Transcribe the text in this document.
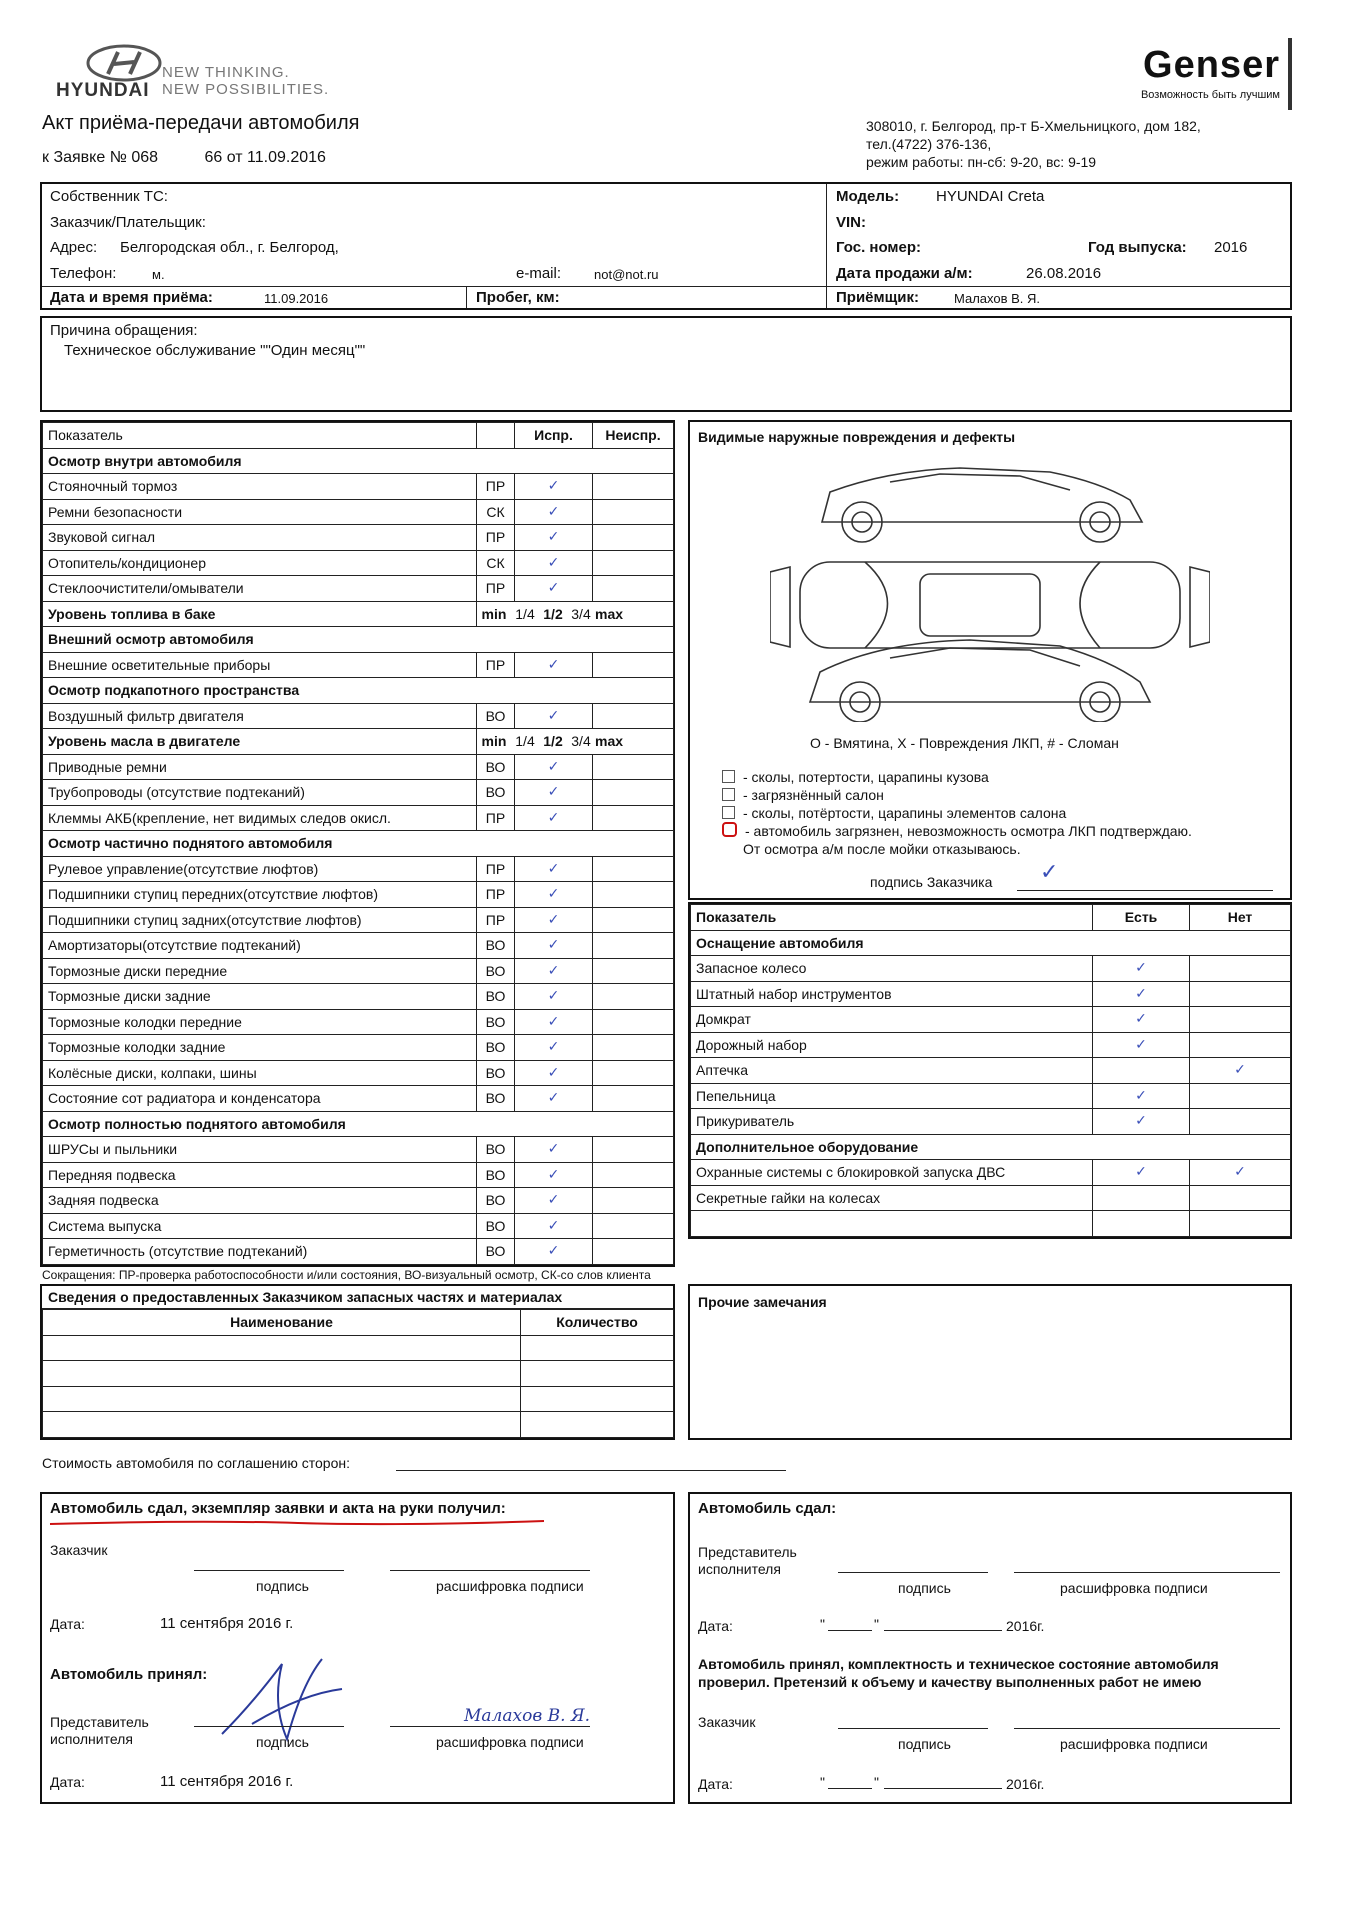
HYUNDAI
NEW THINKING.
NEW POSSIBILITIES.
Genser
Возможность быть лучшим
Акт приёма-передачи автомобиля
к Заявке № 068	66 от 11.09.2016
308010, г. Белгород, пр-т Б-Хмельницкого, дом 182,
тел.(4722) 376-136,
режим работы: пн-сб: 9-20, вс: 9-19
Собственник ТС:
Заказчик/Плательщик:
Адрес: Белгородская обл., г. Белгород,
Телефон:	м.	e-mail:	not@not.ru
Дата и время приёма:	11.09.2016	Пробег, км:
Модель: HYUNDAI Creta
VIN:
Гос. номер:	Год выпуска: 2016
Дата продажи а/м:	26.08.2016
Приёмщик:	Малахов В. Я.
Причина обращения:
Техническое обслуживание ""Один месяц""
Показатель		Испр.	Неиспр.
Осмотр внутри автомобиля			
Стояночный тормоз	ПР	✓	
Ремни безопасности	СК	✓	
Звуковой сигнал	ПР	✓	
Отопитель/кондиционер	СК	✓	
Стеклоочистители/омыватели	ПР	✓	
Уровень топлива в баке	min 1/4 1/2 3/4 max		
Внешний осмотр автомобиля			
Внешние осветительные приборы	ПР	✓	
Осмотр подкапотного пространства			
Воздушный фильтр двигателя	ВО	✓	
Уровень масла в двигателе	min 1/4 1/2 3/4 max		
Приводные ремни	ВО	✓	
Трубопроводы (отсутствие подтеканий)	ВО	✓	
Клеммы АКБ(крепление, нет видимых следов окисл.	ПР	✓	
Осмотр частично поднятого автомобиля			
Рулевое управление(отсутствие люфтов)	ПР	✓	
Подшипники ступиц передних(отсутствие люфтов)	ПР	✓	
Подшипники ступиц задних(отсутствие люфтов)	ПР	✓	
Амортизаторы(отсутствие подтеканий)	ВО	✓	
Тормозные диски передние	ВО	✓	
Тормозные диски задние	ВО	✓	
Тормозные колодки передние	ВО	✓	
Тормозные колодки задние	ВО	✓	
Колёсные диски, колпаки, шины	ВО	✓	
Состояние сот радиатора и конденсатора	ВО	✓	
Осмотр полностью поднятого автомобиля			
ШРУСы и пыльники	ВО	✓	
Передняя подвеска	ВО	✓	
Задняя подвеска	ВО	✓	
Система выпуска	ВО	✓	
Герметичность (отсутствие подтеканий)	ВО	✓	
Сокращения: ПР-проверка работоспособности и/или состояния, ВО-визуальный осмотр, СК-со слов клиента
Видимые наружные повреждения и дефекты
О - Вмятина, Х - Повреждения ЛКП, # - Сломан
- сколы, потертости, царапины кузова
- загрязнённый салон
- сколы, потёртости, царапины элементов салона
- автомобиль загрязнен, невозможность осмотра ЛКП подтверждаю.
От осмотра а/м после мойки отказываюсь.
подпись Заказчика ✓
Показатель	Есть	Нет
Оснащение автомобиля		
Запасное колесо	✓	
Штатный набор инструментов	✓	
Домкрат	✓	
Дорожный набор	✓	
Аптечка		✓
Пепельница	✓	
Прикуриватель	✓	
Дополнительное оборудование		
Охранные системы с блокировкой запуска ДВС	✓	✓
Секретные гайки на колесах		

Сведения о предоставленных Заказчиком запасных частях и материалах
Наименование	Количество

Прочие замечания
Стоимость автомобиля по соглашению сторон:
Автомобиль сдал, экземпляр заявки и акта на руки получил:
Заказчик
подпись	расшифровка подписи
Дата:	11 сентября 2016 г.
Автомобиль принял:
Представитель
исполнителя
Малахов В. Я.
подпись	расшифровка подписи
Дата:	11 сентября 2016 г.
Автомобиль сдал:
Представитель
исполнителя
подпись	расшифровка подписи
Дата:	"	"	2016г.
Автомобиль принял, комплектность и техническое состояние автомобиля
проверил. Претензий к объему и качеству выполненных работ не имею
Заказчик
подпись	расшифровка подписи
Дата:	"	"	2016г.
